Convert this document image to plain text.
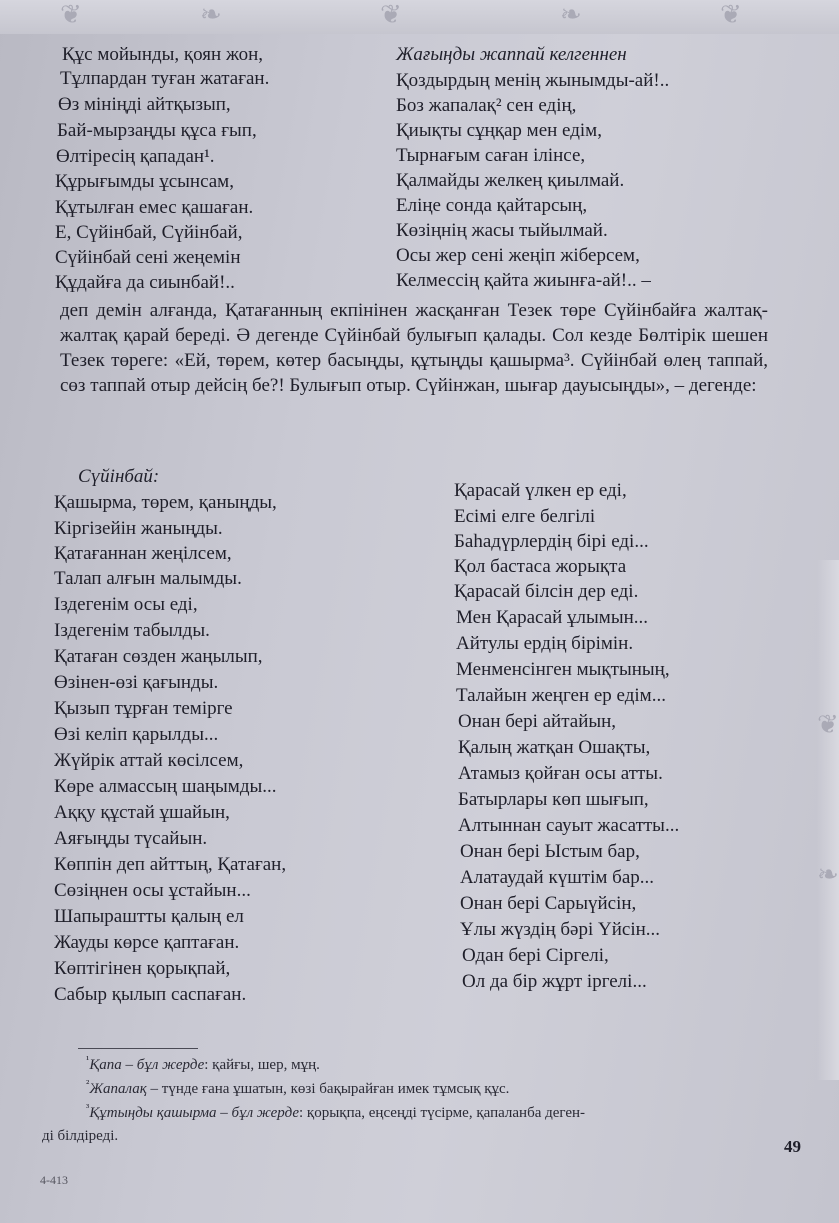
❦	❧	❦	❧	❦
❦
❧
Құс мойынды, қоян жон,
Тұлпардан туған жатаған.
Өз мініңді айтқызып,
Бай-мырзаңды құса ғып,
Өлтіресің қападан¹.
Құрығымды ұсынсам,
Құтылған емес қашаған.
Е, Сүйінбай, Сүйінбай,
Сүйінбай сені жеңемін
Құдайға да сиынбай!..
Жағыңды жаппай келгеннен
Қоздырдың менің жынымды-ай!..
Боз жапалақ² сен едің,
Қиықты сұңқар мен едім,
Тырнағым саған ілінсе,
Қалмайды желкең қиылмай.
Еліңе сонда қайтарсың,
Көзіңнің жасы тыйылмай.
Осы жер сені жеңіп жіберсем,
Келмессің қайта жиынға-ай!.. –

деп демін алғанда, Қатағанның екпінінен жасқанған Тезек төре Сүйінбайға жалтақ-жалтақ қарай береді. Ә дегенде Сүйінбай булығып қалады. Сол кезде Бөлтірік шешен Тезек төреге: «Ей, төрем, көтер басыңды, құтыңды қашырма³. Сүйінбай өлең таппай, сөз таппай отыр дейсің бе?! Булығып отыр. Сүйінжан, шығар дауысыңды», – дегенде:

Сүйінбай:
Қашырма, төрем, қаныңды,
Кіргізейін жаныңды.
Қатағаннан жеңілсем,
Талап алғын малымды.
Іздегенім осы еді,
Іздегенім табылды.
Қатаған сөзден жаңылып,
Өзінен-өзі қағынды.
Қызып тұрған темірге
Өзі келіп қарылды...
Жүйрік аттай көсілсем,
Көре алмассың шаңымды...
Аққу құстай ұшайын,
Аяғыңды түсайын.
Көппін деп айттың, Қатаған,
Сөзіңнен осы ұстайын...
Шапыраштты қалың ел
Жауды көрсе қаптаған.
Көптігінен қорықпай,
Сабыр қылып саспаған.
Қарасай үлкен ер еді,
Есімі елге белгілі
Баһадүрлердің бірі еді...
Қол бастаса жорықта
Қарасай білсін дер еді.
Мен Қарасай ұлымын...
Айтулы ердің бірімін.
Менменсінген мықтының,
Талайын жеңген ер едім...
Онан бері айтайын,
Қалың жатқан Ошақты,
Атамыз қойған осы атты.
Батырлары көп шығып,
Алтыннан сауыт жасатты...
Онан бері Ыстым бар,
Алатаудай күштім бар...
Онан бері Сарыүйсін,
Ұлы жүздің бәрі Үйсін...
Одан бері Сіргелі,
Ол да бір жұрт іргелі...
$^{^1}$Қапа – бұл жерде: қайғы, шер, мұң.
$^{^2}$Жапалақ – түнде ғана ұшатын, көзі бақырайған имек тұмсық құс.
$^{^3}$Құтыңды қашырма – бұл жерде: қорықпа, еңсеңді түсірме, қапаланба деген-
ді білдіреді.
49
4-413
